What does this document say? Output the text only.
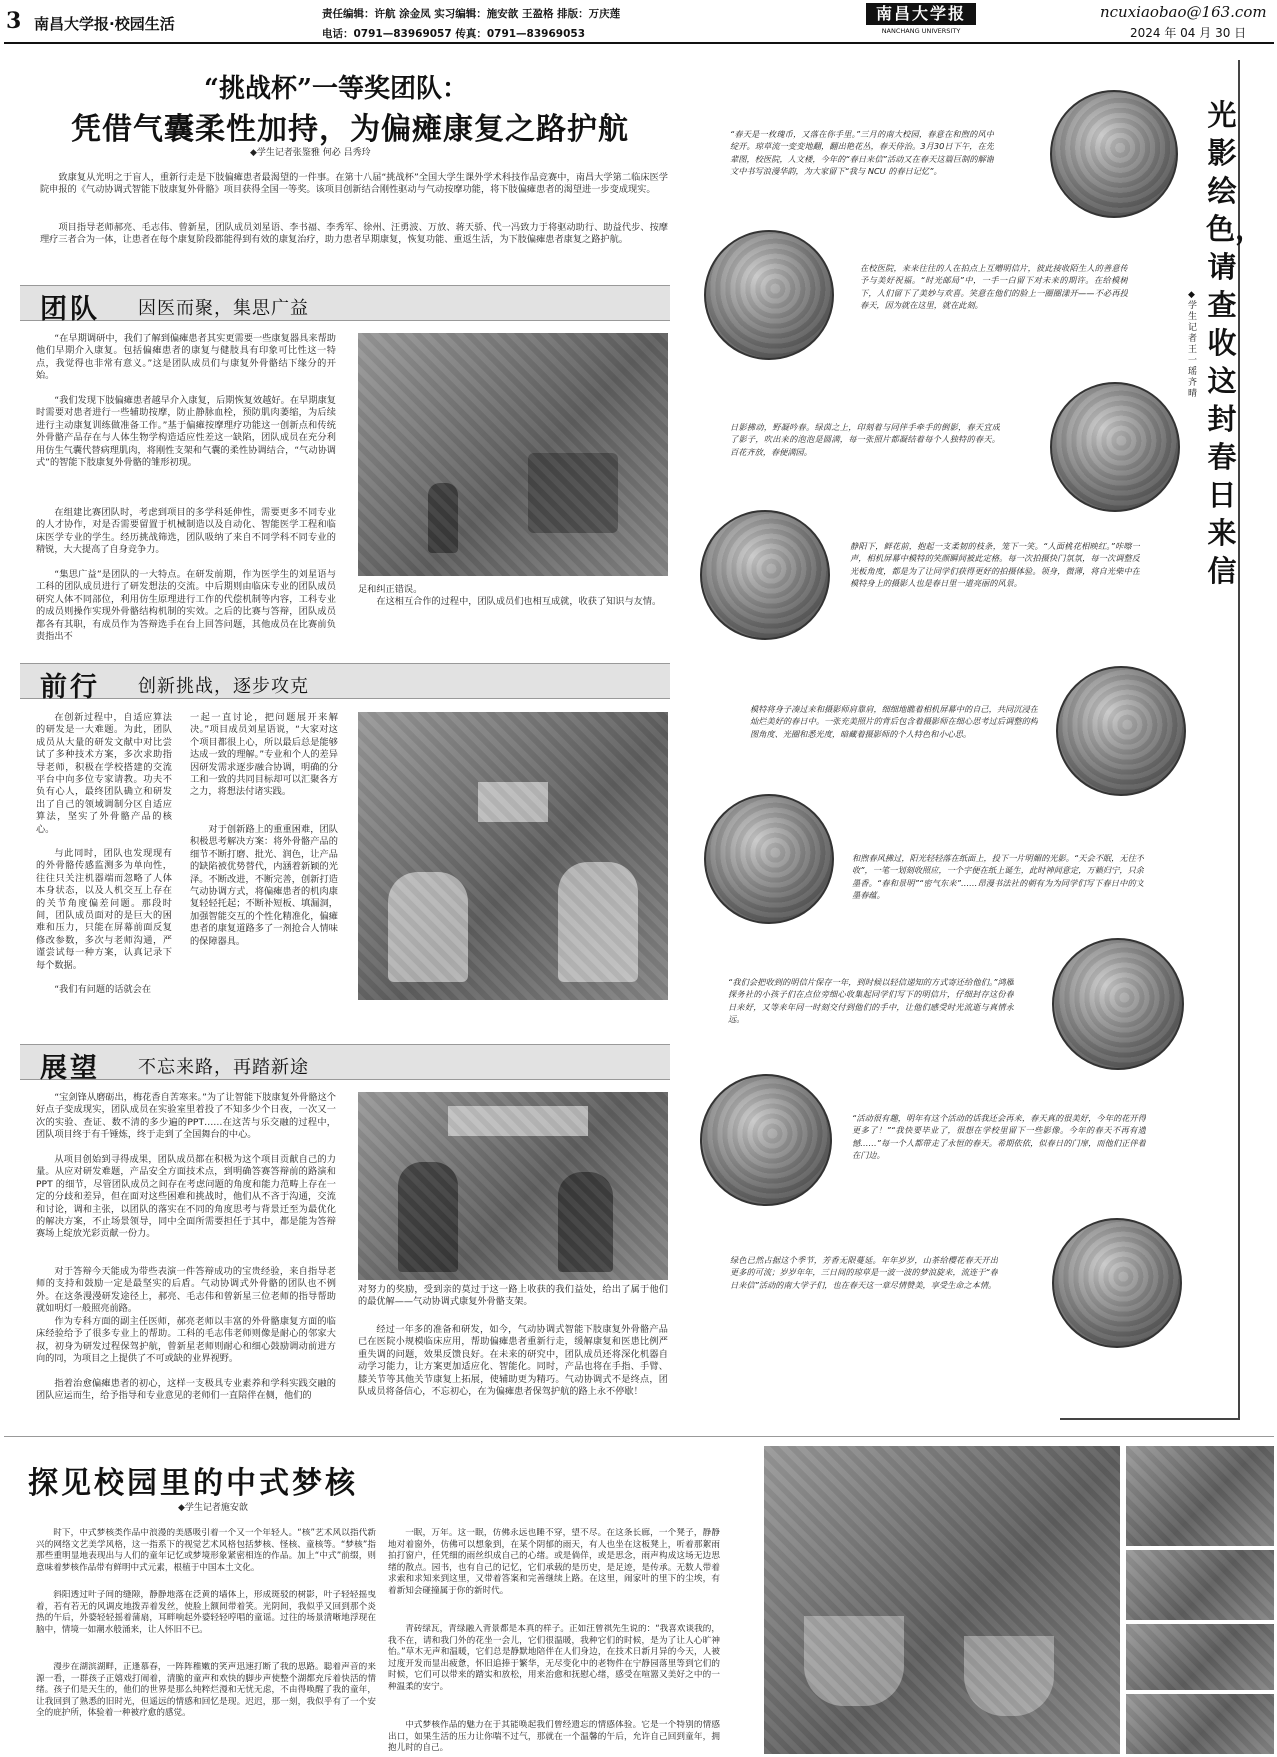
3 南昌大学报·校园生活
责任编辑：许航 涂金凤 实习编辑：施安歆 王盈格 排版：万庆莲
电话：0791—83969057 传真：0791—83969053
南昌大学报
NANCHANG UNIVERSITY
ncuxiaobao@163.com
2024 年 04 月 30 日
“挑战杯”一等奖团队：
凭借气囊柔性加持，为偏瘫康复之路护航
◆学生记者张鉴雅 何必 吕秀玲
致康复从光明之于盲人，重新行走是下肢偏瘫患者最渴望的一件事。在第十八届“挑战杯”全国大学生课外学术科技作品竞赛中，南昌大学第二临床医学院申报的《气动协调式智能下肢康复外骨骼》项目获得全国一等奖。该项目创新结合刚性驱动与气动按摩功能，将下肢偏瘫患者的渴望进一步变成现实。
项目指导老师郝亮、毛志伟、曾新星，团队成员刘星语、李书福、李秀军、徐州、汪勇波、万放、蒋天骄、代一冯致力于将驱动助行、助益代步、按摩理疗三者合为一体，让患者在每个康复阶段都能得到有效的康复治疗，助力患者早期康复，恢复功能、重返生活，为下肢偏瘫患者康复之路护航。
团队 因医而聚，集思广益
“在早期调研中，我们了解到偏瘫患者其实更需要一些康复器具来帮助他们早期介入康复。包括偏瘫患者的康复与健肢具有印象可比性这一特点，我觉得也非常有意义。”这是团队成员们与康复外骨骼结下缘分的开始。
“我们发现下肢偏瘫患者越早介入康复，后期恢复效越好。在早期康复时需要对患者进行一些辅助按摩，防止静脉血栓，预防肌肉萎缩，为后续进行主动康复训练做准备工作。”基于偏瘫按摩理疗功能这一创新点和传统外骨骼产品存在与人体生物学构造适应性差这一缺陷，团队成员在充分利用仿生气囊代替病理肌肉，将刚性支架和气囊的柔性协调结合，“气动协调式”的智能下肢康复外骨骼的雏形初现。
在组建比赛团队时，考虑到项目的多学科延伸性，需要更多不同专业的人才协作，对是否需要留置于机械制造以及自动化、智能医学工程和临床医学专业的学生。经历挑战筛选，团队吸纳了来自不同学科不同专业的精锐，大大提高了自身竞争力。
“集思广益”是团队的一大特点。在研发前期，作为医学生的刘星语与工科的团队成员进行了研发想法的交流。中后期则由临床专业的团队成员研究人体不同部位，利用仿生原理进行工作的代偿机制等内容，工科专业的成员则操作实现外骨骼结构机制的实效。之后的比赛与答辩，团队成员都各有其职，有成员作为答辩选手在台上回答问题，其他成员在比赛前负责指出不
足和纠正错误。
在这相互合作的过程中，团队成员们也相互成就，收获了知识与友情。
前行 创新挑战，逐步攻克
在创新过程中，自适应算法的研发是一大难题。为此，团队成员从大量的研发文献中对比尝试了多种技术方案，多次求助指导老师，积极在学校搭建的交流平台中向多位专家请教。功夫不负有心人，最终团队确立和研发出了自己的领域调制分区自适应算法，坚实了外骨骼产品的核心。
与此同时，团队也发现现有的外骨骼传感监测多为单向性，往往只关注机器端而忽略了人体本身状态，以及人机交互上存在的关节角度偏差问题。那段时间，团队成员面对的是巨大的困难和压力，只能在屏幕前面反复修改参数，多次与老师沟通，严谨尝试每一种方案，认真记录下每个数据。
“我们有问题的话就会在
一起一直讨论，把问题展开来解决。”项目成员刘星语说，“大家对这个项目都很上心，所以最后总是能够达成一致的理解。”专业和个人的差异因研发需求逐步融合协调，明确的分工和一致的共同目标却可以汇聚各方之力，将想法付诸实践。
对于创新路上的重重困难，团队积极思考解决方案：将外骨骼产品的细节不断打磨、批光、润色，让产品的缺陷被优势替代，内涵着新颖的光泽。不断改进，不断完善，创新打造气动协调方式，将偏瘫患者的机肉康复轻轻托起；不断补短板、填漏洞，加强智能交互的个性化精准化，偏瘫患者的康复道路多了一剂抢合人情味的保障器具。
展望 不忘来路，再踏新途
“宝剑锋从磨砺出，梅花香自苦寒来。”为了让智能下肢康复外骨骼这个好点子变成现实，团队成员在实验室里着投了不知多少个日夜，一次又一次的实验、查证、数不清的多少遍的PPT……在这苦与乐交融的过程中，团队项目终于有千锤炼，终于走到了全国舞台的中心。
从项目创始到寻得成果，团队成员都在积极为这个项目贡献自己的力量。从应对研发难题，产品安全方面技术点，到明确答赛答辩前的路演和 PPT 的细节，尽管团队成员之间存在考虑问题的角度和能力范畴上存在一定的分歧和差异，但在面对这些困难和挑战时，他们从不吝于沟通，交流和讨论，调和主张，以团队的落实在不同的角度思考与背景迁至为最优化的解决方案，不止场景领导，同中全面所需要担任于其中，都是能为答辩赛场上绽放光彩贡献一份力。
对于答辩今天能成为带些表演一件答辩成功的宝贵经验，来自指导老师的支持和鼓励一定是最坚实的后盾。气动协调式外骨骼的团队也不例外。在这条漫漫研发途径上，郝亮、毛志伟和曾新星三位老师的指导帮助就如明灯一般照亮前路。
作为专科方面的副主任医师，郝亮老师以丰富的外骨骼康复方面的临床经验给予了很多专业上的帮助。工科的毛志伟老师则像是耐心的邻家大叔，初身为研发过程保驾护航，曾新星老师则耐心和细心鼓励调动前进方向的同，为项目之上提供了不可或缺的业界视野。
指着治愈偏瘫患者的初心，这样一支极具专业素养和学科实践交融的团队应运而生，给予指导和专业意见的老师们一直陪伴在侧，他们的
对努力的奖励，受到亲的莫过于这一路上收获的我们益处，给出了属于他们的最优解——气动协调式康复外骨骼支架。
经过一年多的准备和研发，如今，气动协调式智能下肢康复外骨骼产品已在医院小规模临床应用，帮助偏瘫患者重新行走，缓解康复和医患比例严重失调的问题，效果反馈良好。在未来的研究中，团队成员还将深化机器自动学习能力，让方案更加适应化、智能化。同时，产品也将在手指、手臂、膝关节等其他关节康复上拓展，使辅助更为精巧。气动协调式不是终点，团队成员将备信心，不忘初心，在为偏瘫患者保驾护航的路上永不停歇！
光影绘色，请查收这封春日来信
◆学生记者王一瑶 齐晴
“春天是一枚瑰币，又落在你手里。”三月的南大校园，春意在和煦的风中绽开。琼草流一变变地翻，翻出艳花丛，春天侍治。3月30日下午，在先辈图，校医院，人文楼，今年的“春日来信”活动又在春天这篇巨制的解谢文中书写浪漫华韵，为大家留下“我与 NCU 的春日记忆”。
在校医院，来来往往的人在拍点上互赠明信片，彼此接收陌生人的善意传予与美好祝福。“时光邮局”中，一手一白留下对未来的期许。在给模树下，人们留下了美妙与欢喜。笑意在他们的脸上一圈圈漾开——不必再投春天，因为就在这里，就在此刻。
日影拂动，野凝吟春。绿茵之上，印刻着与同伴手牵手的倒影，春天宜成了影子，吹出来的泡泡是圆满，每一张照片都凝结着每个人独特的春天。百花齐放，春便满园。
静阳下，鲜花前，抱起一支柔韧的枝条，笼下一笑。“人面桃花相映红。”咔嚓一声，相机屏幕中模特的笑颜瞬间被此定格。每一次拍摄快门氛氛，每一次调整反光板角度，都是为了让同学们获得更好的拍摄体验。领身，微薄，将自光柴中在模特身上的摄影人也是春日里一道亮丽的风景。
模特将身子凑过来和摄影师肩靠肩，细细地瞧着相机屏幕中的自己，共同沉浸在灿烂美好的春日中。一张充美照片的背后包含着摄影师在细心思考过后调整的构图角度、光圈和悉光度，暗藏着摄影师的个人特色和小心思。
和煦春风拂过，阳光轻轻落在纸面上，投下一片明媚的光影。“天会不眠，无往不收”，一笔一划刻收照应，一个字便在纸上诞生，此时神间意定，万籁归宁，只余墨香。“春和景明”“密气东来”……昂漫书法社的朝有为为同学们写下春日中的文墨春蕴。
“我们会把收到的明信片保存一年，到时候以轻信递知的方式寄还给他们。”鸿雁探务社的小孩子们在点位旁细心收集起同学们写下的明信片，仔细封存这份春日来好，又等来年同一时刻交付到他们的手中，让他们感受时光流逝与真情永远。
“活动很有趣，明年有这个活动的话我还会再来，春天真的很美好，今年的花开得更多了！”“我快要毕业了，很想在学校里留下一些影像。今年的春天不再有遗憾……”每一个人都带走了永恒的春天。希期依依，似春日的门扉，而他们正伴着在门边。
绿色已然占据这个季节，芳香无限蔓延。年年岁岁，山茶给樱花春天开出更多的可流；岁岁年年，三日间的琼草是一波一波的梦浪旋来，流连于“春日来信”活动的南大学子们，也在春天这一章尽情赞美，享受生命之本情。
探见校园里的中式梦核
◆学生记者施安歆
时下，中式梦核类作品中浪漫的美感吸引着一个又一个年轻人。“核”艺术风以指代新兴的网络文艺美学风格，这一指系下的视觉艺术风格包括梦核、怪核、童核等。“梦核”指那些重明显地表现出与人们的童年记忆或梦境形象紧密相连的作品。加上“中式”前缀，则意味着梦核作品带有鲜明中式元素，根植于中国本土文化。
斜阳透过叶子间的缝隙，静静地落在泛黄的墙体上，形成斑驳的树影，叶子轻轻摇曳着，若有若无的风调皮地拨弄着发丝，使脸上额间带着笑。光阴间，我似乎又回到那个炎热的午后，外婆轻轻摇着蒲扇，耳畔响起外婆轻轻哼唱的童谣。过往的场景清晰地浮现在脑中，情境一如潮水般涌来，让人怀旧不已。
漫步在湖滨湖畔，正逢慕春，一阵阵稚嫩的笑声迅速打断了我的思路。聪着声音的来源一看，一群孩子正嬉戏打闹着，清脆的童声和欢快的脚步声使整个湖都充斥着快活的情绪。孩子们是天生的，他们的世界是那么纯粹烂漫和无忧无虑，不由得唤醒了我的童年，让我回到了熟悉的旧时光，但遥远的情感和回忆是现。迟迟，那一刻，我似乎有了一个安全的庇护所，体验着一种被疗愈的感觉。
一眠，万年。这一眠，仿佛永远也睡不穿，望不尽。在这条长廊，一个凳子，静静地对着窗外，仿佛可以想象到，在某个阴郁的雨天，有人也坐在这板凳上，听着那絮雨拍打窗户，任凭细的雨丝织成自己的心绪。或是倘佯，或是思念，雨声构成这场无边思绪的散点。园书，也有自己的记忆，它们承载的是历史，是足迹，是传承。无数人带着求索和求知来到这里，又带着答案和完善继续上路。在这里，闹家叶的里下的尘埃，有着新知会碰撞属于你的新时代。
青砖绿瓦，青绿融入背景都是本真的样子。正如汪曾祺先生说的：“我喜欢谈我的，我不在，请和我门外的花坐一会儿，它们很温暖，我种它们的时候，是为了让人心旷神怡。”草木无声和温暖，它们总是静默地陪伴在人们身边，在技术日新月异的今天，人被过度开发而显出疲惫，怀旧追捧于繁华，无尽变化中的老物件在宁静园落里等到它们的时候，它们可以带来的踏实和放松，用来治愈和抚慰心绪，感受在喧嚣又美好之中的一种温柔的安宁。
中式梦核作品的魅力在于其能唤起我们曾经遗忘的情感体验。它是一个特别的情感出口，如果生活的压力让你喘不过气，那就在一个温馨的午后，允许自己回到童年，拥抱儿时的自己。
